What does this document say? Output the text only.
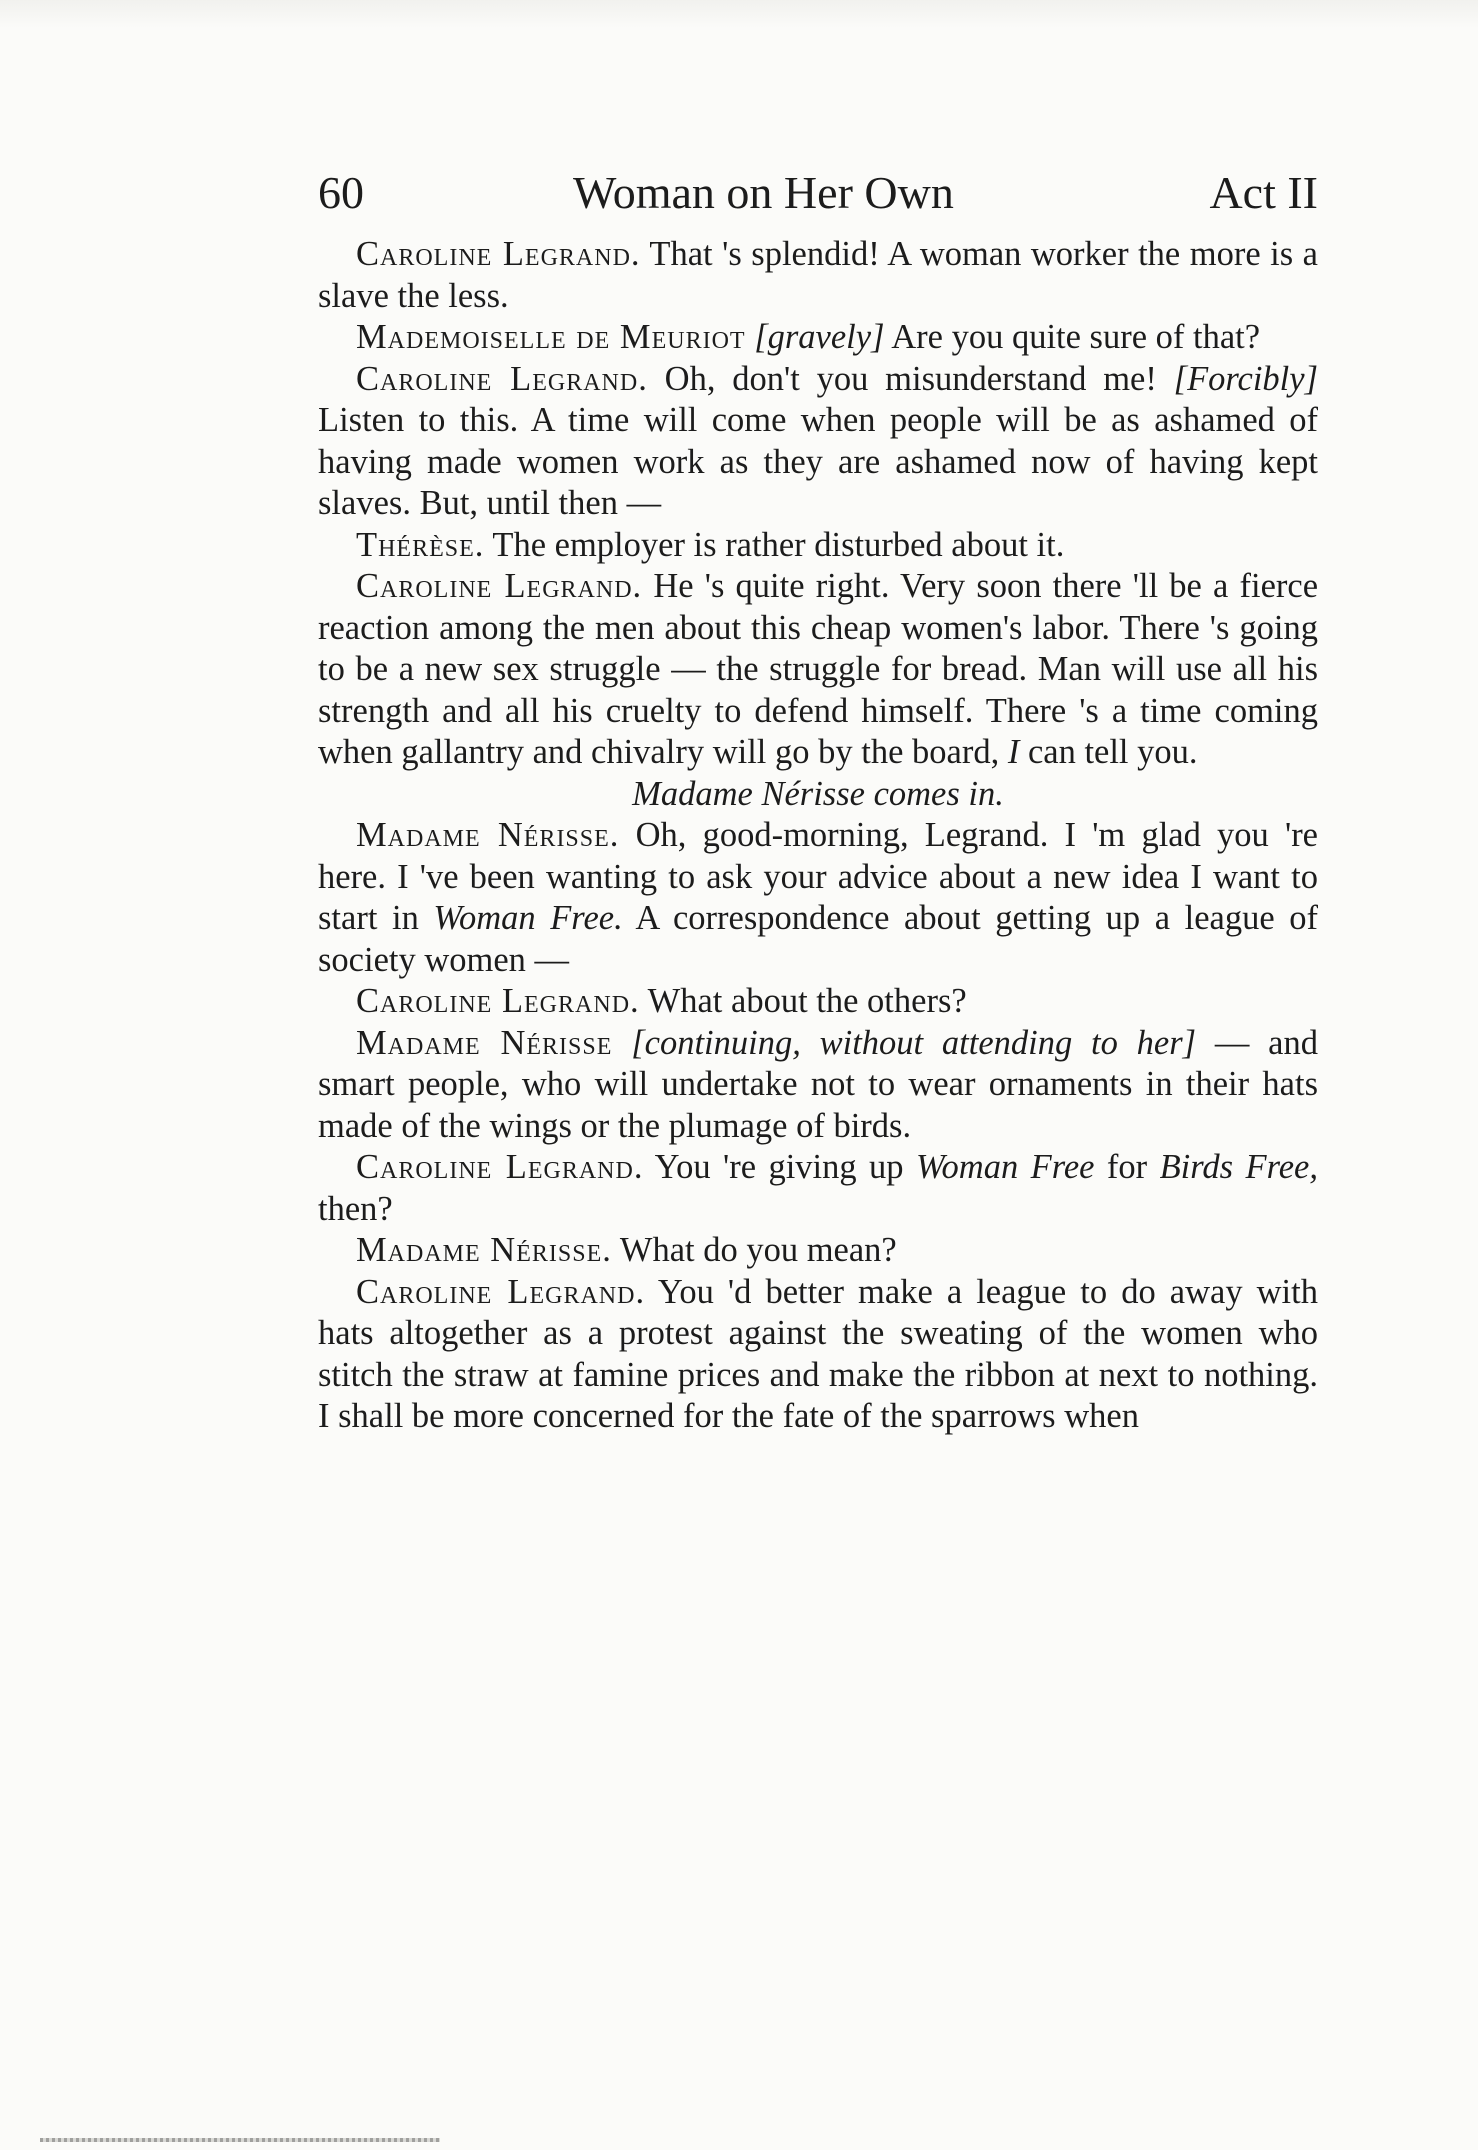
60	Woman on Her Own	Act II

Caroline Legrand. That 's splendid! A woman worker the more is a slave the less.

Mademoiselle de Meuriot [gravely] Are you quite sure of that?

Caroline Legrand. Oh, don't you misunderstand me! [Forcibly] Listen to this. A time will come when people will be as ashamed of having made women work as they are ashamed now of having kept slaves. But, until then —

Thérèse. The employer is rather disturbed about it.

Caroline Legrand. He 's quite right. Very soon there 'll be a fierce reaction among the men about this cheap women's labor. There 's going to be a new sex struggle — the struggle for bread. Man will use all his strength and all his cruelty to defend himself. There 's a time coming when gallantry and chivalry will go by the board, I can tell you.

Madame Nérisse comes in.

Madame Nérisse. Oh, good-morning, Legrand. I 'm glad you 're here. I 've been wanting to ask your advice about a new idea I want to start in Woman Free. A correspondence about getting up a league of society women —

Caroline Legrand. What about the others?

Madame Nérisse [continuing, without attending to her] — and smart people, who will undertake not to wear ornaments in their hats made of the wings or the plumage of birds.

Caroline Legrand. You 're giving up Woman Free for Birds Free, then?

Madame Nérisse. What do you mean?

Caroline Legrand. You 'd better make a league to do away with hats altogether as a protest against the sweating of the women who stitch the straw at famine prices and make the ribbon at next to nothing. I shall be more concerned for the fate of the sparrows when
